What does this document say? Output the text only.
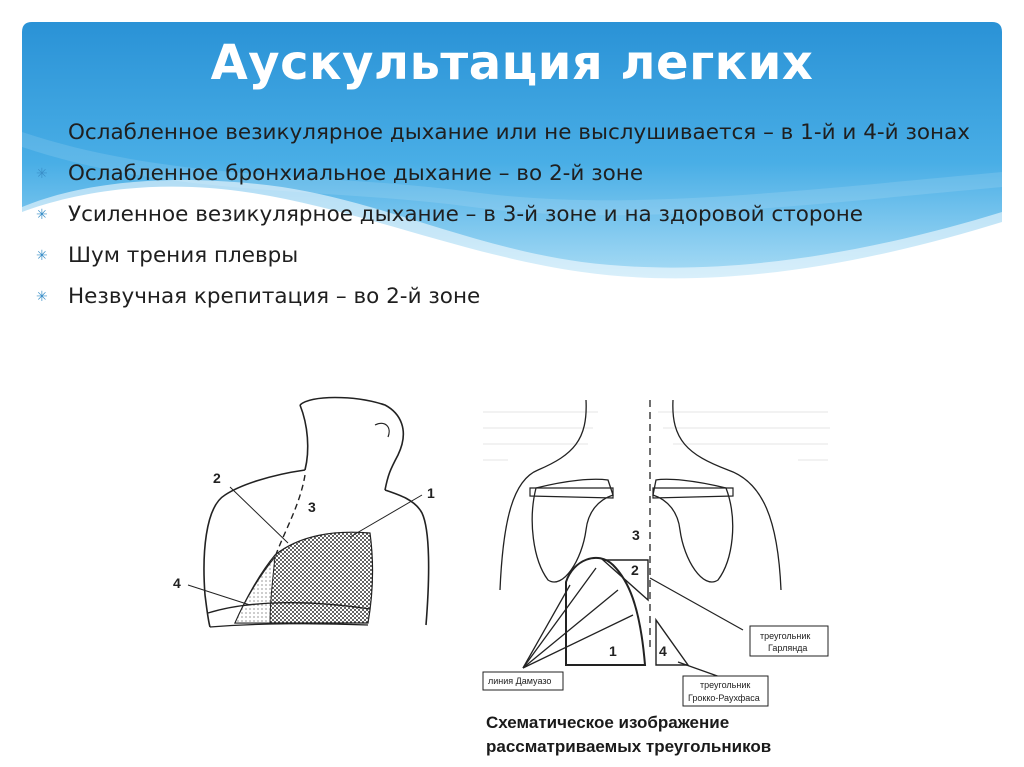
Аускультация легких
Ослабленное везикулярное дыхание или не выслушивается – в 1-й и 4-й зонах
✳ Ослабленное бронхиальное дыхание – во 2-й зоне
✳ Усиленное везикулярное дыхание – в 3-й зоне и на здоровой стороне
✳ Шум трения плевры
✳ Незвучная крепитация – во 2-й зоне
2
1
3
4
3
2
1	4
линия Дамуазо
треугольник
Гарлянда
треугольник
Грокко-Раухфаса
Схематическое изображение
рассматриваемых треугольников
